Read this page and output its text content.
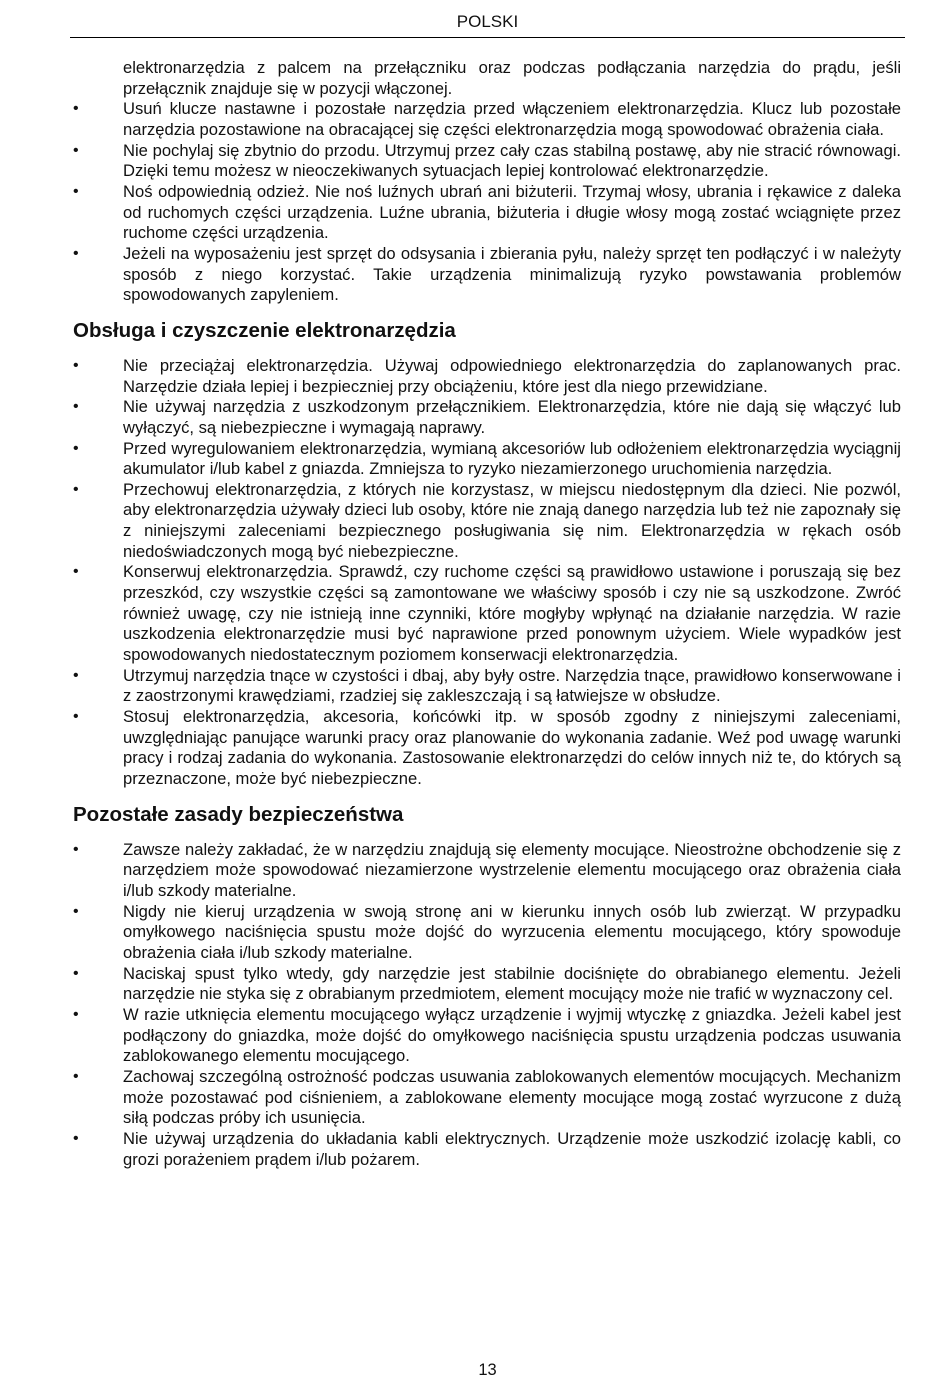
POLSKI
elektronarzędzia z palcem na przełączniku oraz podczas podłączania narzędzia do prądu, jeśli przełącznik znajduje się w pozycji włączonej.
•	Usuń klucze nastawne i pozostałe narzędzia przed włączeniem elektronarzędzia. Klucz lub pozostałe narzędzia pozostawione na obracającej się części elektronarzędzia mogą spowodować obrażenia ciała.
•	Nie pochylaj się zbytnio do przodu. Utrzymuj przez cały czas stabilną postawę, aby nie stracić równowagi. Dzięki temu możesz w nieoczekiwanych sytuacjach lepiej kontrolować elektronarzędzie.
•	Noś odpowiednią odzież. Nie noś luźnych ubrań ani biżuterii. Trzymaj włosy, ubrania i rękawice z daleka od ruchomych części urządzenia. Luźne ubrania, biżuteria i długie włosy mogą zostać wciągnięte przez ruchome części urządzenia.
•	Jeżeli na wyposażeniu jest sprzęt do odsysania i zbierania pyłu, należy sprzęt ten podłączyć i w należyty sposób z niego korzystać. Takie urządzenia minimalizują ryzyko powstawania problemów spowodowanych zapyleniem.
Obsługa i czyszczenie elektronarzędzia
•	Nie przeciążaj elektronarzędzia. Używaj odpowiedniego elektronarzędzia do zaplanowanych prac. Narzędzie działa lepiej i bezpieczniej przy obciążeniu, które jest dla niego przewidziane.
•	Nie używaj narzędzia z uszkodzonym przełącznikiem. Elektronarzędzia, które nie dają się włączyć lub wyłączyć, są niebezpieczne i wymagają naprawy.
•	Przed wyregulowaniem elektronarzędzia, wymianą akcesoriów lub odłożeniem elektronarzędzia wyciągnij akumulator i/lub kabel z gniazda. Zmniejsza to ryzyko niezamierzonego uruchomienia narzędzia.
•	Przechowuj elektronarzędzia, z których nie korzystasz, w miejscu niedostępnym dla dzieci. Nie pozwól, aby elektronarzędzia używały dzieci lub osoby, które nie znają danego narzędzia lub też nie zapoznały się z niniejszymi zaleceniami bezpiecznego posługiwania się nim. Elektronarzędzia w rękach osób niedoświadczonych mogą być niebezpieczne.
•	Konserwuj elektronarzędzia. Sprawdź, czy ruchome części są prawidłowo ustawione i poruszają się bez przeszkód, czy wszystkie części są zamontowane we właściwy sposób i czy nie są uszkodzone. Zwróć również uwagę, czy nie istnieją inne czynniki, które mogłyby wpłynąć na działanie narzędzia. W razie uszkodzenia elektronarzędzie musi być naprawione przed ponownym użyciem. Wiele wypadków jest spowodowanych niedostatecznym poziomem konserwacji elektronarzędzia.
•	Utrzymuj narzędzia tnące w czystości i dbaj, aby były ostre. Narzędzia tnące, prawidłowo konserwowane i z zaostrzonymi krawędziami, rzadziej się zakleszczają i są łatwiejsze w obsłudze.
•	Stosuj elektronarzędzia, akcesoria, końcówki itp. w sposób zgodny z niniejszymi zaleceniami, uwzględniając panujące warunki pracy oraz planowanie do wykonania zadanie. Weź pod uwagę warunki pracy i rodzaj zadania do wykonania. Zastosowanie elektronarzędzi do celów innych niż te, do których są przeznaczone, może być niebezpieczne.
Pozostałe zasady bezpieczeństwa
•	Zawsze należy zakładać, że w narzędziu znajdują się elementy mocujące. Nieostrożne obchodzenie się z narzędziem może spowodować niezamierzone wystrzelenie elementu mocującego oraz obrażenia ciała i/lub szkody materialne.
•	Nigdy nie kieruj urządzenia w swoją stronę ani w kierunku innych osób lub zwierząt. W przypadku omyłkowego naciśnięcia spustu może dojść do wyrzucenia elementu mocującego, który spowoduje obrażenia ciała i/lub szkody materialne.
•	Naciskaj spust tylko wtedy, gdy narzędzie jest stabilnie dociśnięte do obrabianego elementu. Jeżeli narzędzie nie styka się z obrabianym przedmiotem, element mocujący może nie trafić w wyznaczony cel.
•	W razie utknięcia elementu mocującego wyłącz urządzenie i wyjmij wtyczkę z gniazdka. Jeżeli kabel jest podłączony do gniazdka, może dojść do omyłkowego naciśnięcia spustu urządzenia podczas usuwania zablokowanego elementu mocującego.
•	Zachowaj szczególną ostrożność podczas usuwania zablokowanych elementów mocujących. Mechanizm może pozostawać pod ciśnieniem, a zablokowane elementy mocujące mogą zostać wyrzucone z dużą siłą podczas próby ich usunięcia.
•	Nie używaj urządzenia do układania kabli elektrycznych. Urządzenie może uszkodzić izolację kabli, co grozi porażeniem prądem i/lub pożarem.
13
